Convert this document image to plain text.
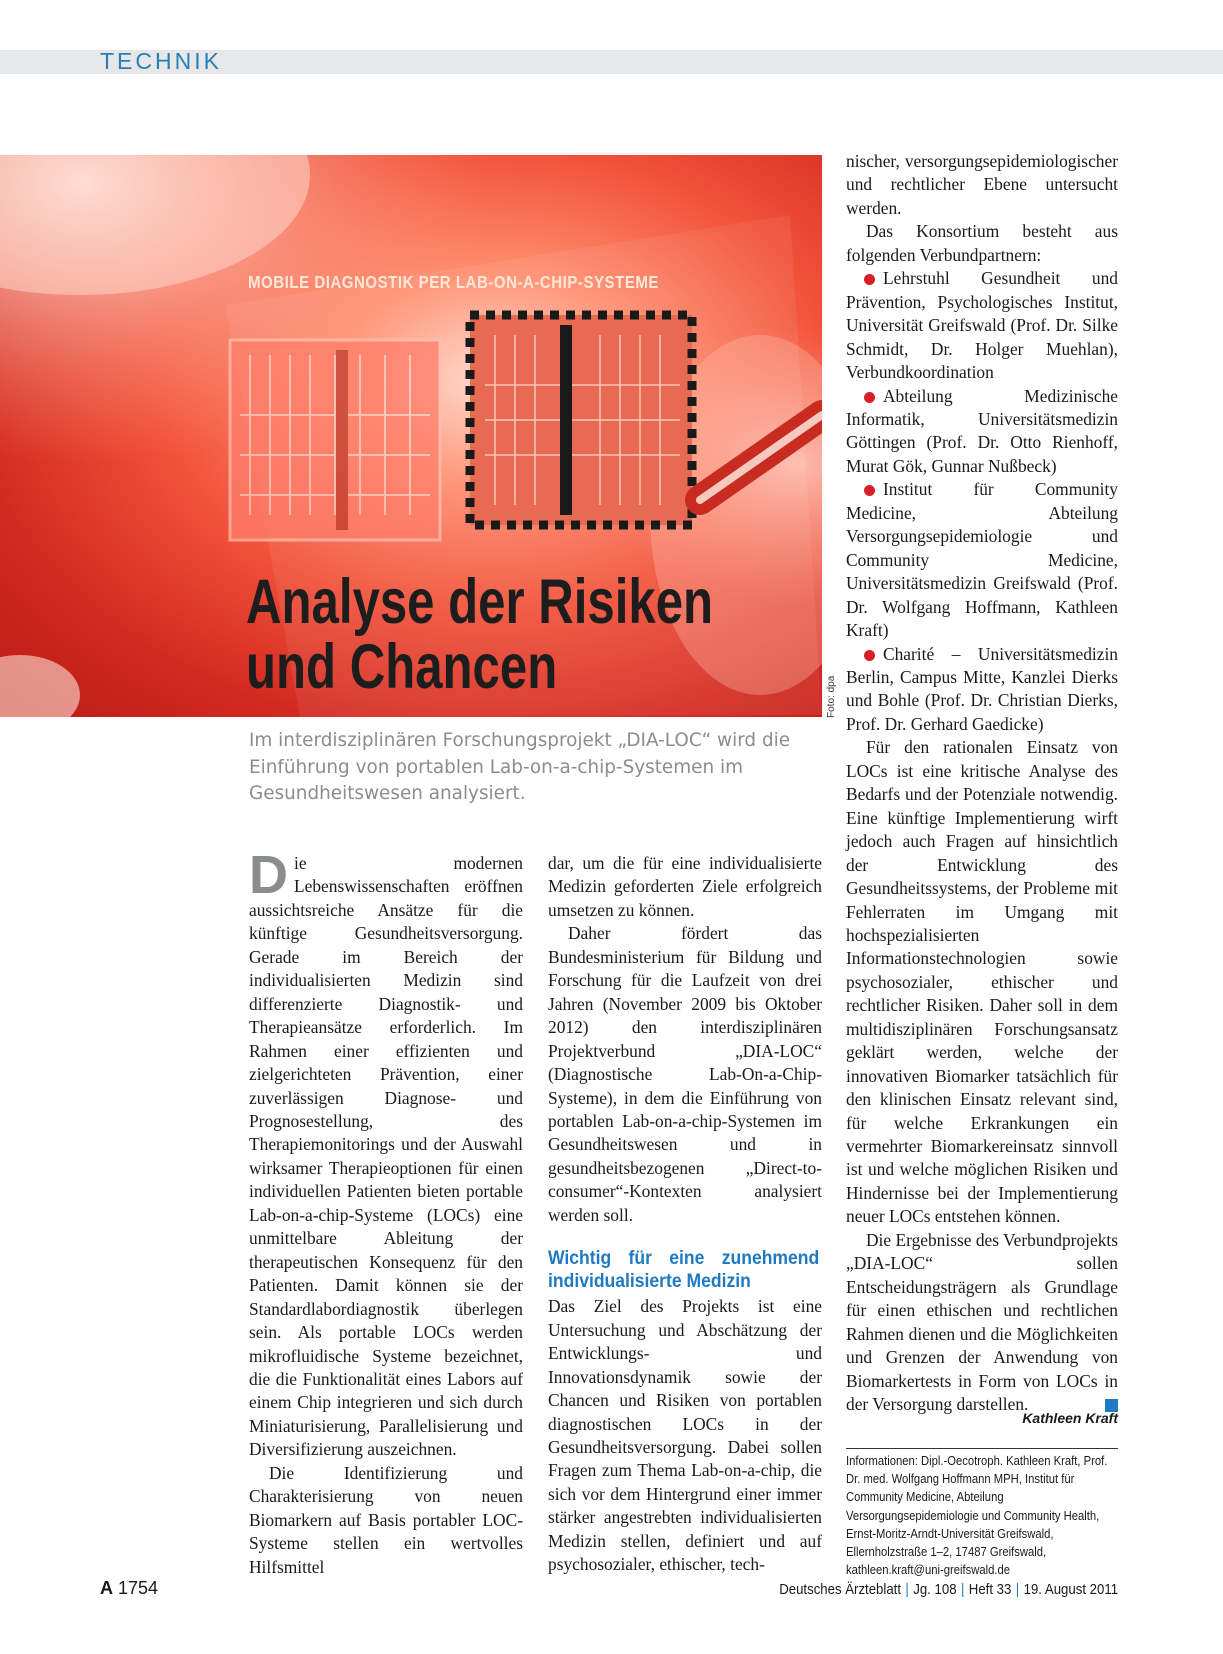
TECHNIK
MOBILE DIAGNOSTIK PER LAB-ON-A-CHIP-SYSTEME
Analyse der Risiken
und Chancen	Foto: dpa
Im interdisziplinären Forschungsprojekt „DIA-LOC“ wird die Einführung von portablen Lab-on-a-chip-Systemen im Gesundheitswesen analysiert.

Die modernen Lebenswissenschaften eröffnen aussichtsreiche Ansätze für die künftige Gesundheitsversorgung. Gerade im Bereich der individualisierten Medizin sind differenzierte Diagnostik- und Therapieansätze erforderlich. Im Rahmen einer effizienten und zielgerichteten Prävention, einer zuverlässigen Diagnose- und Prognosestellung, des Therapiemonitorings und der Auswahl wirksamer Therapieoptionen für einen individuellen Patienten bieten portable Lab-on-a-chip-Systeme (LOCs) eine unmittelbare Ableitung der therapeutischen Konsequenz für den Patienten. Damit können sie der Standardlabordiagnostik überlegen sein. Als portable LOCs werden mikrofluidische Systeme bezeichnet, die die Funktionalität eines Labors auf einem Chip integrieren und sich durch Miniaturisierung, Parallelisierung und Diversifizierung auszeichnen.

Die Identifizierung und Charakterisierung von neuen Biomarkern auf Basis portabler LOC-Systeme stellen ein wertvolles Hilfsmittel

dar, um die für eine individualisierte Medizin geforderten Ziele erfolgreich umsetzen zu können.

Daher fördert das Bundesministerium für Bildung und Forschung für die Laufzeit von drei Jahren (November 2009 bis Oktober 2012) den interdisziplinären Projektverbund „DIA-LOC“ (Diagnostische Lab-On-a-Chip-Systeme), in dem die Einführung von portablen Lab-on-a-chip-Systemen im Gesundheitswesen und in gesundheitsbezogenen „Direct-to-consumer“-Kontexten analysiert werden soll.

Wichtig für eine zunehmend individualisierte Medizin

Das Ziel des Projekts ist eine Untersuchung und Abschätzung der Entwicklungs- und Innovationsdynamik sowie der Chancen und Risiken von portablen diagnostischen LOCs in der Gesundheitsversorgung. Dabei sollen Fragen zum Thema Lab-on-a-chip, die sich vor dem Hintergrund einer immer stärker angestrebten individualisierten Medizin stellen, definiert und auf psychosozialer, ethischer, tech-

nischer, versorgungsepidemiologischer und rechtlicher Ebene untersucht werden.

Das Konsortium besteht aus folgenden Verbundpartnern:

Lehrstuhl Gesundheit und Prävention, Psychologisches Institut, Universität Greifswald (Prof. Dr. Silke Schmidt, Dr. Holger Muehlan), Verbundkoordination
Abteilung Medizinische Informatik, Universitätsmedizin Göttingen (Prof. Dr. Otto Rienhoff, Murat Gök, Gunnar Nußbeck)
Institut für Community Medicine, Abteilung Versorgungsepidemiologie und Community Medicine, Universitätsmedizin Greifswald (Prof. Dr. Wolfgang Hoffmann, Kathleen Kraft)
Charité – Universitätsmedizin Berlin, Campus Mitte, Kanzlei Dierks und Bohle (Prof. Dr. Christian Dierks, Prof. Dr. Gerhard Gaedicke)

Für den rationalen Einsatz von LOCs ist eine kritische Analyse des Bedarfs und der Potenziale notwendig. Eine künftige Implementierung wirft jedoch auch Fragen auf hinsichtlich der Entwicklung des Gesundheitssystems, der Probleme mit Fehlerraten im Umgang mit hochspezialisierten Informationstechnologien sowie psychosozialer, ethischer und rechtlicher Risiken. Daher soll in dem multidisziplinären Forschungsansatz geklärt werden, welche der innovativen Biomarker tatsächlich für den klinischen Einsatz relevant sind, für welche Erkrankungen ein vermehrter Biomarkereinsatz sinnvoll ist und welche möglichen Risiken und Hindernisse bei der Implementierung neuer LOCs entstehen können.

Die Ergebnisse des Verbundprojekts „DIA-LOC“ sollen Entscheidungsträgern als Grundlage für einen ethischen und rechtlichen Rahmen dienen und die Möglichkeiten und Grenzen der Anwendung von Biomarkertests in Form von LOCs in der Versorgung darstellen.

Kathleen Kraft
Informationen: Dipl.-Oecotroph. Kathleen Kraft, Prof. Dr. med. Wolfgang Hoffmann MPH, Institut für Community Medicine, Abteilung Versorgungsepidemiologie und Community Health, Ernst-Moritz-Arndt-Universität Greifswald, Ellernholzstraße 1–2, 17487 Greifswald, kathleen.kraft@uni-greifswald.de
A 1754	Deutsches Ärzteblatt | Jg. 108 | Heft 33 | 19. August 2011
